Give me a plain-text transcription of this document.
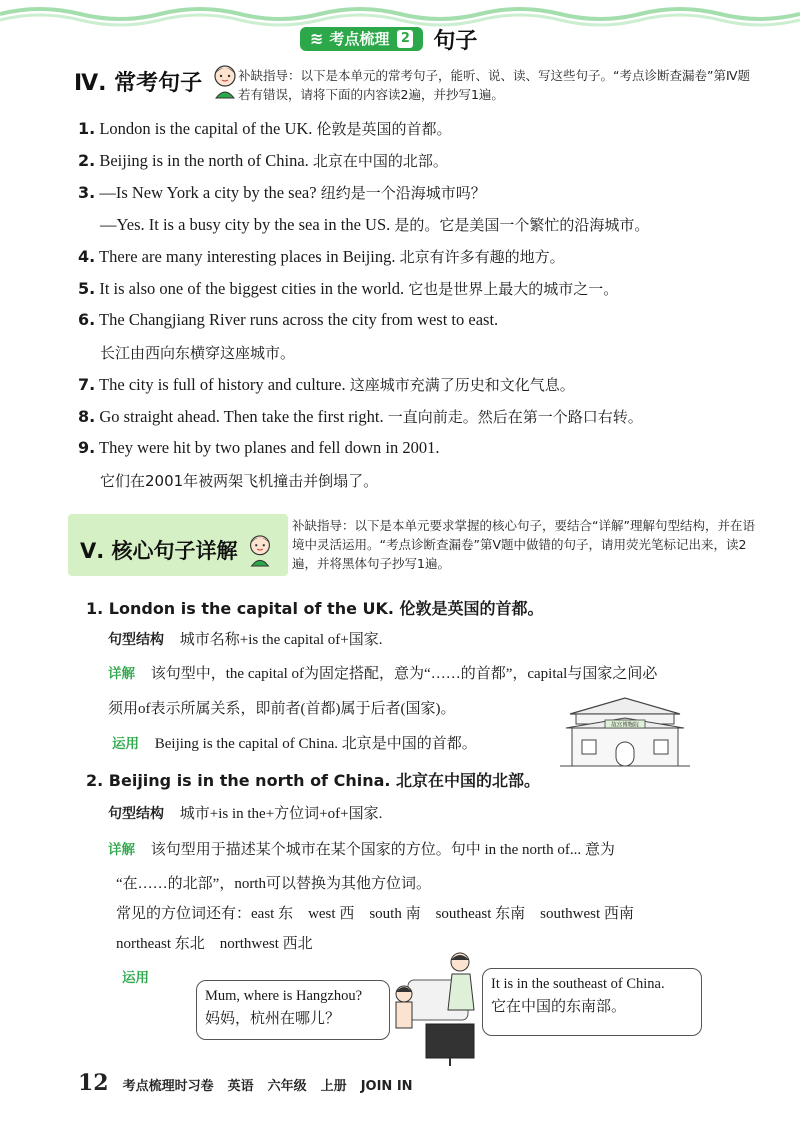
≋ 考点梳理 2 句子
Ⅳ. 常考句子	补缺指导：以下是本单元的常考句子，能听、说、读、写这些句子。“考点诊断查漏卷”第Ⅳ题若有错误，请将下面的内容读2遍，并抄写1遍。
Ⅴ. 核心句子详解
补缺指导：以下是本单元要求掌握的核心句子，要结合“详解”理解句型结构，并在语境中灵活运用。“考点诊断查漏卷”第Ⅴ题中做错的句子，请用荧光笔标记出来，读2遍，并将黑体句子抄写1遍。
1. London is the capital of the UK. 伦敦是英国的首都。
句型结构 城市名称+is the capital of+国家.
详解 该句型中，the capital of为固定搭配，意为“……的首都”，capital与国家之间必
须用of表示所属关系，即前者(首都)属于后者(国家)。
运用 Beijing is the capital of China. 北京是中国的首都。
故宫博物院
2. Beijing is in the north of China. 北京在中国的北部。
句型结构 城市+is in the+方位词+of+国家.
详解 该句型用于描述某个城市在某个国家的方位。句中 in the north of... 意为
“在……的北部”，north可以替换为其他方位词。
常见的方位词还有：east 东　west 西　south 南　southeast 东南　southwest 西南
northeast 东北　northwest 西北
运用
Mum, where is Hangzhou?
妈妈，杭州在哪儿？
It is in the southeast of China.
它在中国的东南部。
12 考点梳理时习卷 英语 六年级 上册 JOIN IN
1. London is the capital of the UK. 伦敦是英国的首都。
2. Beijing is in the north of China. 北京在中国的北部。
3. —Is New York a city by the sea? 纽约是一个沿海城市吗？
—Yes. It is a busy city by the sea in the US. 是的。它是美国一个繁忙的沿海城市。
4. There are many interesting places in Beijing. 北京有许多有趣的地方。
5. It is also one of the biggest cities in the world. 它也是世界上最大的城市之一。
6. The Changjiang River runs across the city from west to east.
长江由西向东横穿这座城市。
7. The city is full of history and culture. 这座城市充满了历史和文化气息。
8. Go straight ahead. Then take the first right. 一直向前走。然后在第一个路口右转。
9. They were hit by two planes and fell down in 2001.
它们在2001年被两架飞机撞击并倒塌了。
